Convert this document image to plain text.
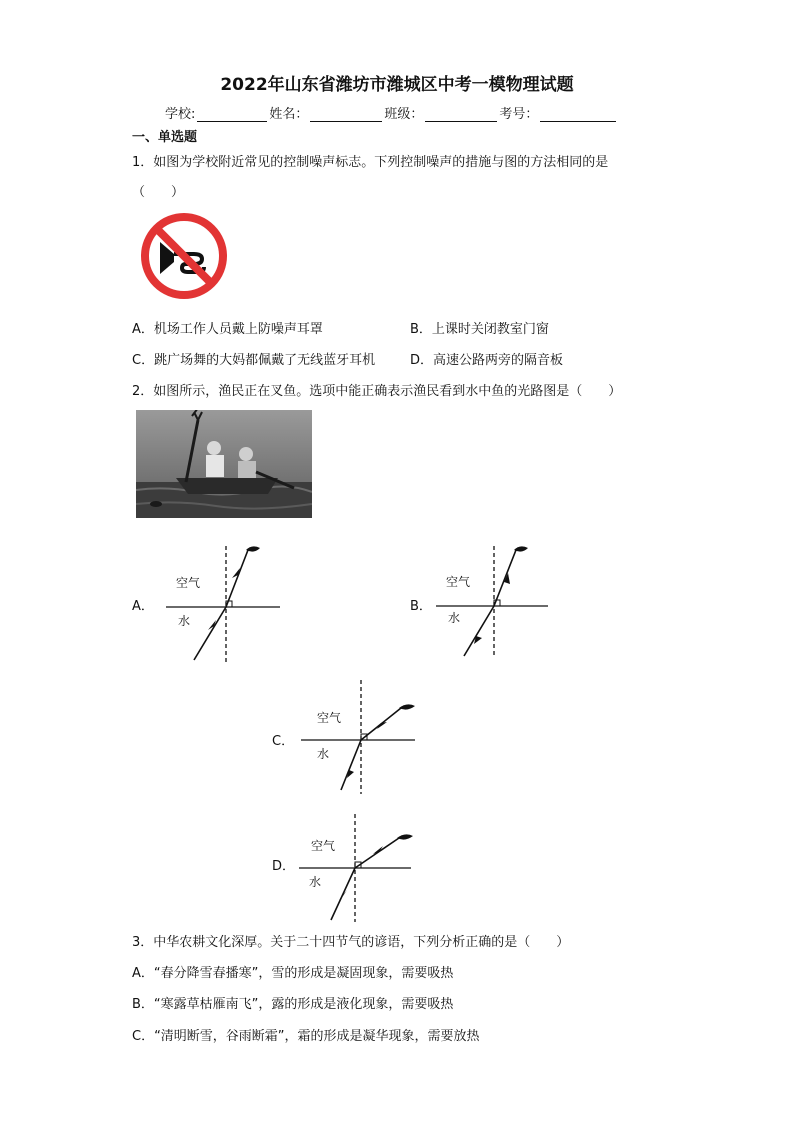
2022年山东省潍坊市潍城区中考一模物理试题
学校:	姓名：	班级：	考号：
一、单选题
1．如图为学校附近常见的控制噪声标志。下列控制噪声的措施与图的方法相同的是
（　　）
A．机场工作人员戴上防噪声耳罩	B．上课时关闭教室门窗
C．跳广场舞的大妈都佩戴了无线蓝牙耳机	D．高速公路两旁的隔音板
2．如图所示，渔民正在叉鱼。选项中能正确表示渔民看到水中鱼的光路图是（　　）
A．
空气
水
B．
空气
水
C．
空气
水
D．
空气
水
3．中华农耕文化深厚。关于二十四节气的谚语，下列分析正确的是（　　）
A．“春分降雪春播寒”，雪的形成是凝固现象，需要吸热
B．“寒露草枯雁南飞”，露的形成是液化现象，需要吸热
C．“清明断雪，谷雨断霜”，霜的形成是凝华现象，需要放热
